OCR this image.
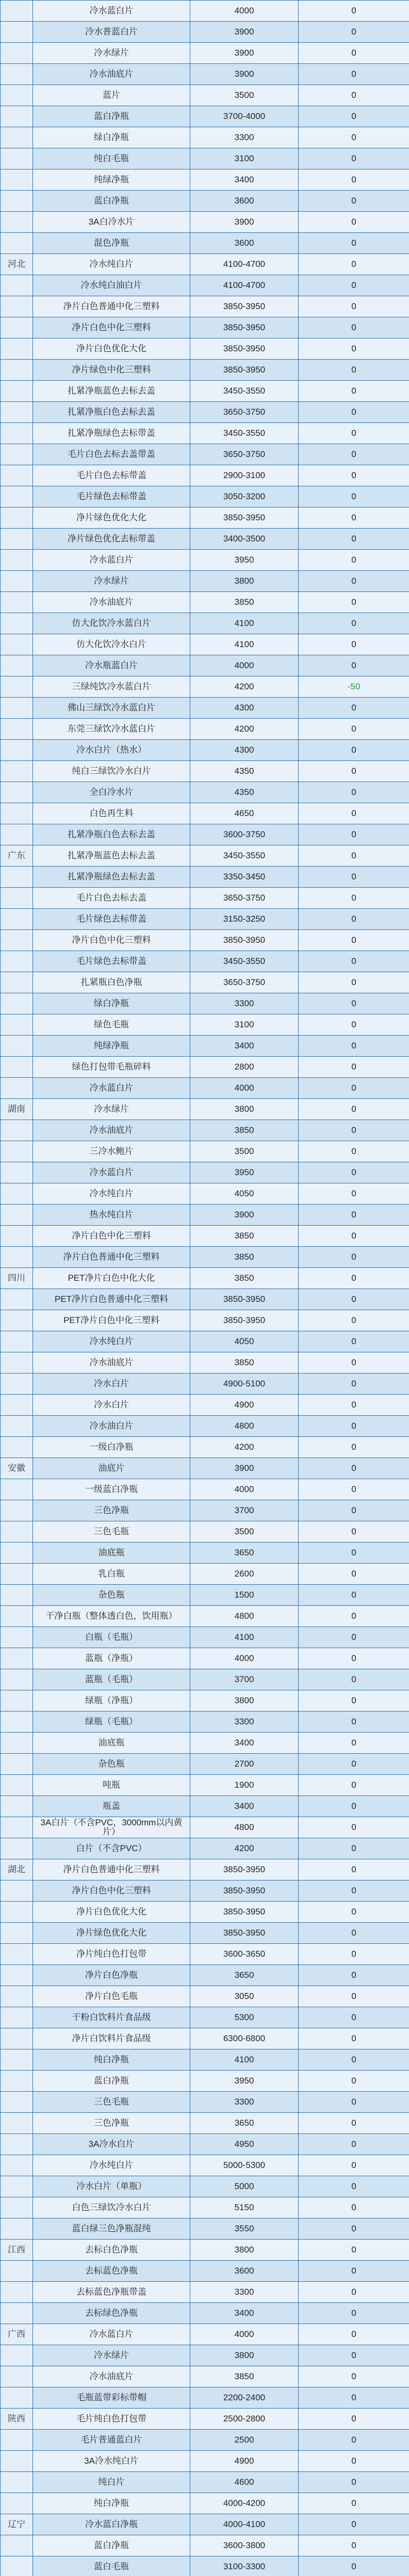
	冷水蓝白片	4000	0
	冷水普蓝白片	3900	0
	冷水绿片	3900	0
	冷水油底片	3900	0
	蓝片	3500	0
	蓝白净瓶	3700-4000	0
	绿白净瓶	3300	0
	纯白毛瓶	3100	0
	纯绿净瓶	3400	0
	蓝白净瓶	3600	0
	3A白冷水片	3900	0
	混色净瓶	3600	0
河北	冷水纯白片	4100-4700	0
	冷水纯白油白片	4100-4700	0
	净片白色普通中化三塑料	3850-3950	0
	净片白色中化三塑料	3850-3950	0
	净片白色优化大化	3850-3950	0
	净片绿色中化三塑料	3850-3950	0
	扎紧净瓶蓝色去标去盖	3450-3550	0
	扎紧净瓶白色去标去盖	3650-3750	0
	扎紧净瓶绿色去标带盖	3450-3550	0
	毛片白色去标去盖带盖	3650-3750	0
	毛片白色去标带盖	2900-3100	0
	毛片绿色去标带盖	3050-3200	0
	净片绿色优化大化	3850-3950	0
	净片绿色优化去标带盖	3400-3500	0
	冷水蓝白片	3950	0
	冷水绿片	3800	0
	冷水油底片	3850	0
	仿大化饮冷水蓝白片	4100	0
	仿大化饮冷水白片	4100	0
	冷水瓶蓝白片	4000	0
	三绿纯饮冷水蓝白片	4200	-50
	佛山三绿饮冷水蓝白片	4300	0
	东莞三绿饮冷水蓝白片	4200	0
	冷水白片（热水）	4300	0
	纯白三绿饮冷水白片	4350	0
	全白冷水片	4350	0
	白色再生料	4650	0
	扎紧净瓶白色去标去盖	3600-3750	0
广东	扎紧净瓶蓝色去标去盖	3450-3550	0
	扎紧净瓶绿色去标去盖	3350-3450	0
	毛片白色去标去盖	3650-3750	0
	毛片绿色去标带盖	3150-3250	0
	净片白色中化三塑料	3850-3950	0
	毛片绿色去标带盖	3450-3550	0
	扎紧瓶白色净瓶	3650-3750	0
	绿白净瓶	3300	0
	绿色毛瓶	3100	0
	纯绿净瓶	3400	0
	绿色打包带毛瓶碎料	2800	0
	冷水蓝白片	4000	0
湖南	冷水绿片	3800	0
	冷水油底片	3850	0
	三冷水鲍片	3500	0
	冷水蓝白片	3950	0
	冷水纯白片	4050	0
	热水纯白片	3900	0
	净片白色中化三塑料	3850	0
	净片白色普通中化三塑料	3850	0
四川	PET净片白色中化大化	3850	0
	PET净片白色普通中化三塑料	3850-3950	0
	PET净片白色中化三塑料	3850-3950	0
	冷水纯白片	4050	0
	冷水油底片	3850	0
	冷水白片	4900-5100	0
	冷水白片	4900	0
	冷水油白片	4800	0
	一级白净瓶	4200	0
安徽	油底片	3900	0
	一级蓝白净瓶	4000	0
	三色净瓶	3700	0
	三色毛瓶	3500	0
	油底瓶	3650	0
	乳白瓶	2600	0
	杂色瓶	1500	0
	干净白瓶（整体透白色，饮用瓶）	4800	0
	白瓶（毛瓶）	4100	0
	蓝瓶（净瓶）	4000	0
	蓝瓶（毛瓶）	3700	0
	绿瓶（净瓶）	3800	0
	绿瓶（毛瓶）	3300	0
	油底瓶	3400	0
	杂色瓶	2700	0
	吨瓶	1900	0
	瓶盖	3400	0
	3A白片（不含PVC，3000mm以内黄片）	4800	0
	白片（不含PVC）	4200	0
湖北	净片白色普通中化三塑料	3850-3950	0
	净片白色中化三塑料	3850-3950	0
	净片白色优化大化	3850-3950	0
	净片绿色优化大化	3850-3950	0
	净片纯白色打包带	3600-3650	0
	净片白色净瓶	3650	0
	净片白色毛瓶	3050	0
	干粉白饮料片食品级	5300	0
	净片白饮料片食品级	6300-6800	0
	纯白净瓶	4100	0
	蓝白净瓶	3950	0
	三色毛瓶	3300	0
	三色净瓶	3650	0
	3A冷水白片	4950	0
	冷水纯白片	5000-5300	0
	冷水白片（单瓶）	5000	0
	白色三绿饮冷水白片	5150	0
	蓝白绿三色净瓶混纯	3550	0
江西	去标白色净瓶	3800	0
	去标蓝色净瓶	3600	0
	去标蓝色净瓶带盖	3300	0
	去标绿色净瓶	3400	0
广西	冷水蓝白片	4000	0
	冷水绿片	3800	0
	冷水油底片	3850	0
	毛瓶蓝带彩标带帽	2200-2400	0
陕西	毛片纯白色打包带	2500-2800	0
	毛片普通蓝白片	2500	0
	3A冷水纯白片	4900	0
	纯白片	4600	0
	纯白净瓶	4000-4200	0
辽宁	冷水蓝白净瓶	4000-4100	0
	蓝白净瓶	3600-3800	0
	蓝白毛瓶	3100-3300	0
